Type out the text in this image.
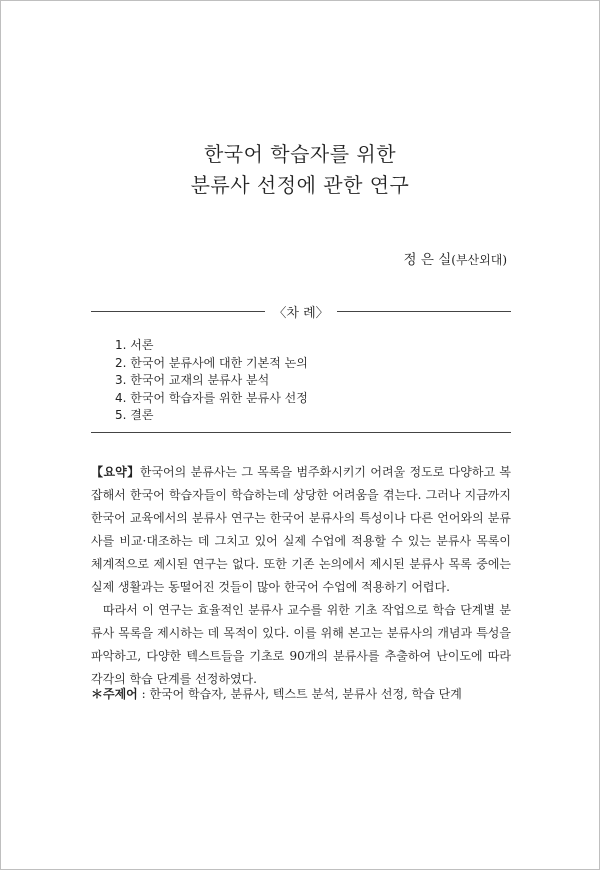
한국어 학습자를 위한
분류사 선정에 관한 연구
정 은 실(부산외대)
〈차 례〉
1. 서론
2. 한국어 분류사에 대한 기본적 논의
3. 한국어 교재의 분류사 분석
4. 한국어 학습자를 위한 분류사 선정
5. 결론

【요약】한국어의 분류사는 그 목록을 범주화시키기 어려울 정도로 다양하고 복잡해서 한국어 학습자들이 학습하는데 상당한 어려움을 겪는다. 그러나 지금까지 한국어 교육에서의 분류사 연구는 한국어 분류사의 특성이나 다른 언어와의 분류사를 비교·대조하는 데 그치고 있어 실제 수업에 적용할 수 있는 분류사 목록이 체계적으로 제시된 연구는 없다. 또한 기존 논의에서 제시된 분류사 목록 중에는 실제 생활과는 동떨어진 것들이 많아 한국어 수업에 적용하기 어렵다.

따라서 이 연구는 효율적인 분류사 교수를 위한 기초 작업으로 학습 단계별 분류사 목록을 제시하는 데 목적이 있다. 이를 위해 본고는 분류사의 개념과 특성을 파악하고, 다양한 텍스트들을 기초로 90개의 분류사를 추출하여 난이도에 따라 각각의 학습 단계를 선정하였다.

＊주제어 : 한국어 학습자, 분류사, 텍스트 분석, 분류사 선정, 학습 단계
